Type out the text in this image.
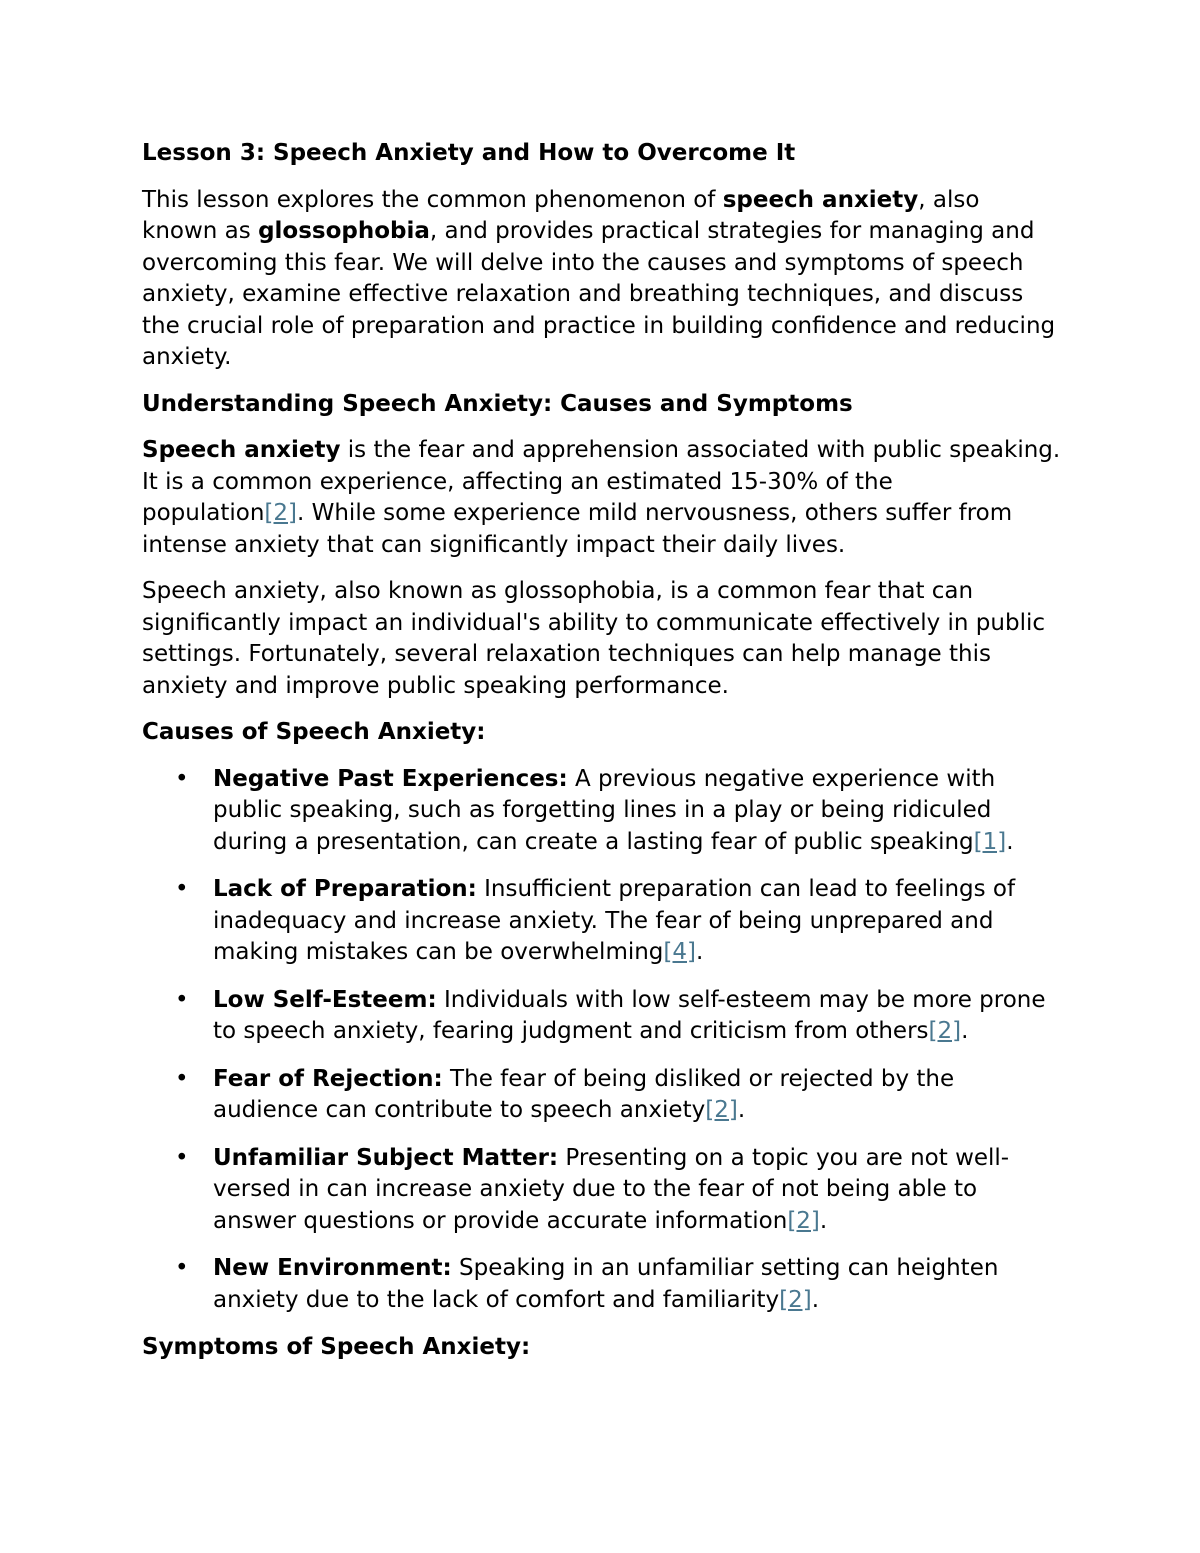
Lesson 3: Speech Anxiety and How to Overcome It

This lesson explores the common phenomenon of speech anxiety, also known as glossophobia, and provides practical strategies for managing and overcoming this fear. We will delve into the causes and symptoms of speech anxiety, examine effective relaxation and breathing techniques, and discuss the crucial role of preparation and practice in building confidence and reducing anxiety.

Understanding Speech Anxiety: Causes and Symptoms

Speech anxiety is the fear and apprehension associated with public speaking. It is a common experience, affecting an estimated 15-30% of the population[2]. While some experience mild nervousness, others suffer from intense anxiety that can significantly impact their daily lives.

Speech anxiety, also known as glossophobia, is a common fear that can significantly impact an individual's ability to communicate effectively in public settings. Fortunately, several relaxation techniques can help manage this anxiety and improve public speaking performance.

Causes of Speech Anxiety:
• Negative Past Experiences: A previous negative experience with public speaking, such as forgetting lines in a play or being ridiculed during a presentation, can create a lasting fear of public speaking[1].
• Lack of Preparation: Insufficient preparation can lead to feelings of inadequacy and increase anxiety. The fear of being unprepared and making mistakes can be overwhelming[4].
• Low Self-Esteem: Individuals with low self-esteem may be more prone to speech anxiety, fearing judgment and criticism from others[2].
• Fear of Rejection: The fear of being disliked or rejected by the audience can contribute to speech anxiety[2].
• Unfamiliar Subject Matter: Presenting on a topic you are not well-versed in can increase anxiety due to the fear of not being able to answer questions or provide accurate information[2].
• New Environment: Speaking in an unfamiliar setting can heighten anxiety due to the lack of comfort and familiarity[2].
Symptoms of Speech Anxiety:
